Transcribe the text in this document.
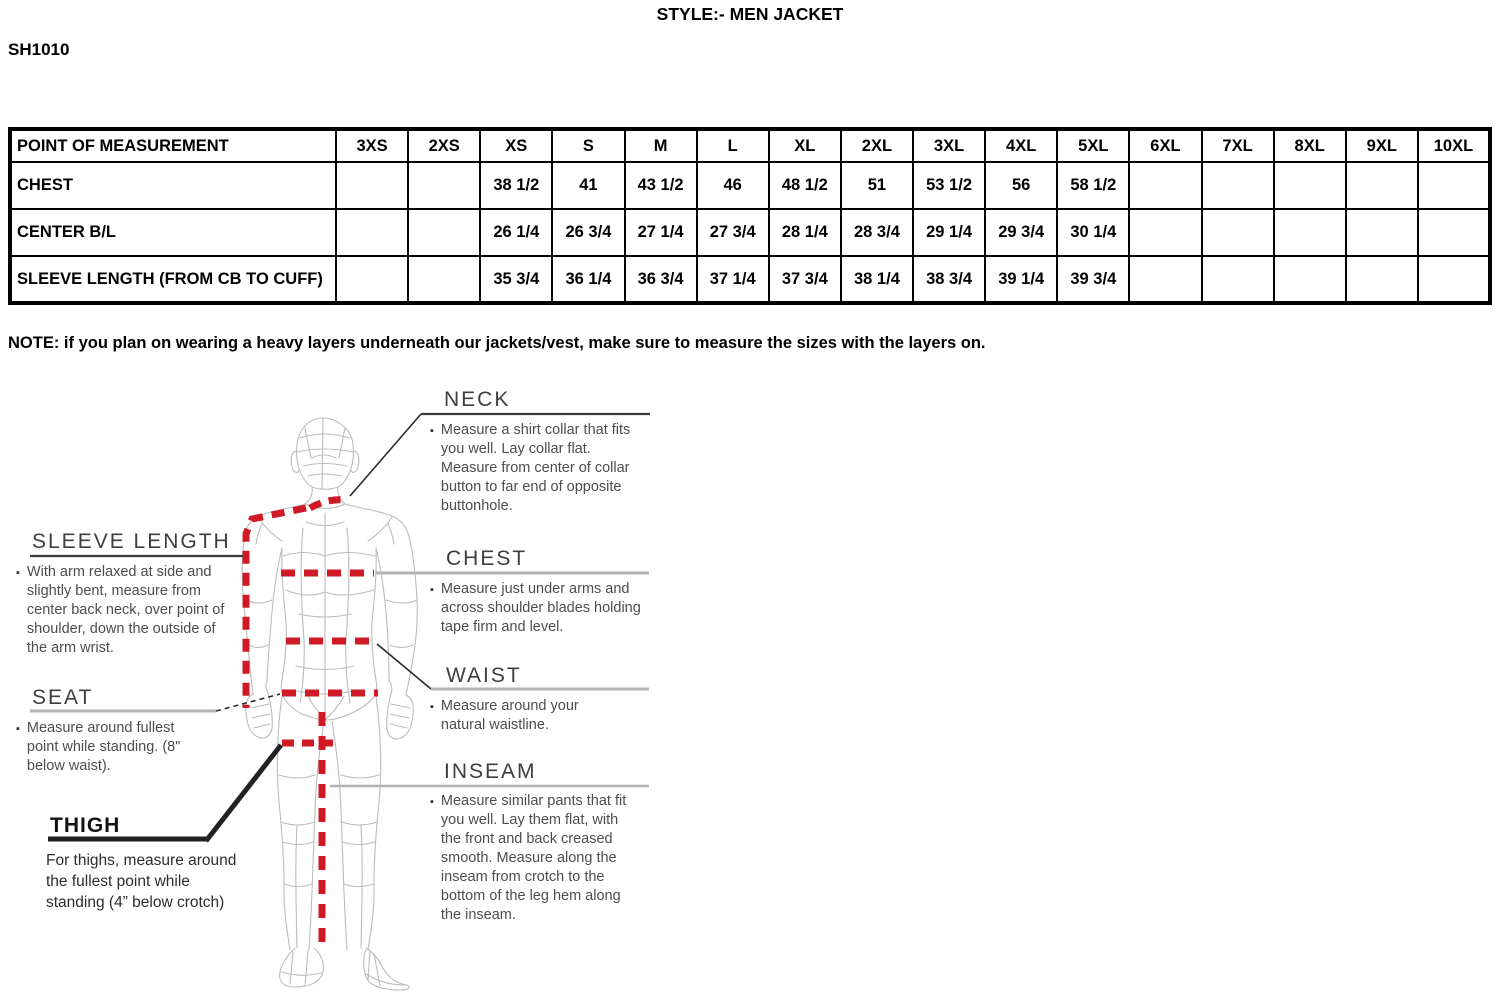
STYLE:- MEN JACKET
SH1010
POINT OF MEASUREMENT	3XS	2XS	XS	S	M	L	XL	2XL	3XL	4XL	5XL	6XL	7XL	8XL	9XL	10XL
CHEST			38 1/2	41	43 1/2	46	48 1/2	51	53 1/2	56	58 1/2					
CENTER B/L			26 1/4	26 3/4	27 1/4	27 3/4	28 1/4	28 3/4	29 1/4	29 3/4	30 1/4					
SLEEVE LENGTH (FROM CB TO CUFF)			35 3/4	36 1/4	36 3/4	37 1/4	37 3/4	38 1/4	38 3/4	39 1/4	39 3/4					
NOTE: if you plan on wearing a heavy layers underneath our jackets/vest, make sure to measure the sizes with the layers on.
NECK
▪ Measure a shirt collar that fits you well. Lay collar flat. Measure from center of collar button to far end of opposite buttonhole.
CHEST
▪ Measure just under arms and across shoulder blades holding tape firm and level.
WAIST
▪ Measure around your natural waistline.
INSEAM
▪ Measure similar pants that fit you well. Lay them flat, with the front and back creased smooth. Measure along the inseam from crotch to the bottom of the leg hem along the inseam.
SLEEVE LENGTH
▪ With arm relaxed at side and slightly bent, measure from center back neck, over point of shoulder, down the outside of the arm wrist.
SEAT
▪ Measure around fullest point while standing. (8" below waist).
THIGH
For thighs, measure around the fullest point while standing (4” below crotch)
